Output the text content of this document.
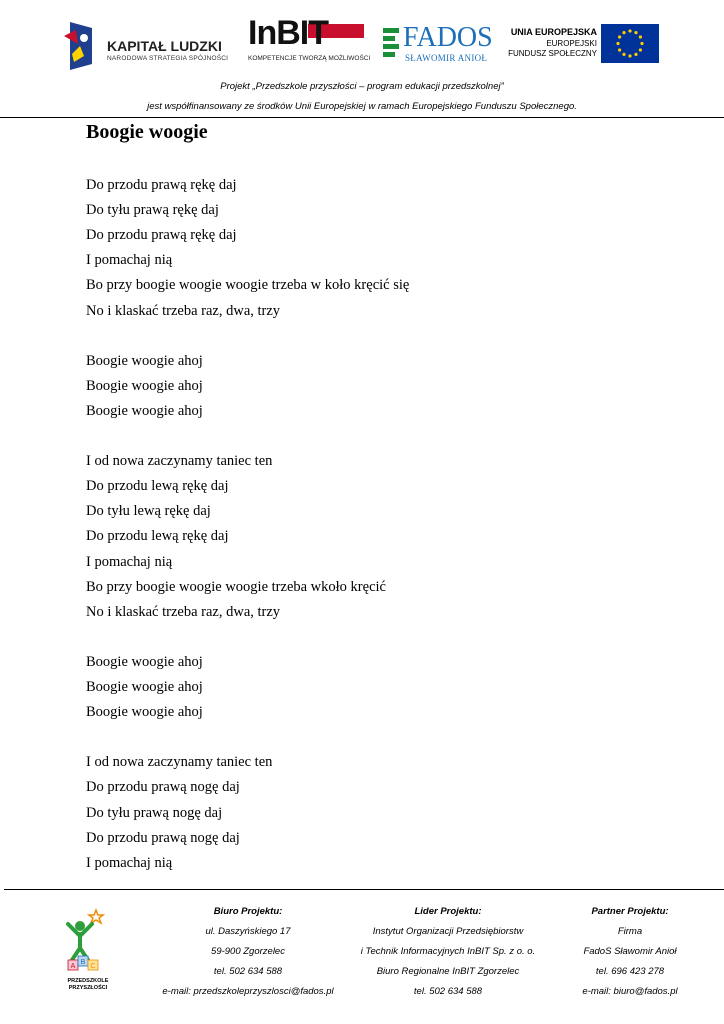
KAPITAŁ LUDZKI
NARODOWA STRATEGIA SPÓJNOŚCI
InBIT
KOMPETENCJE TWORZĄ MOŻLIWOŚCI
FADOS
SŁAWOMIR ANIOŁ
UNIA EUROPEJSKA
EUROPEJSKI
FUNDUSZ SPOŁECZNY
Projekt „Przedszkole przyszłości – program edukacji przedszkolnej”
jest współfinansowany ze środków Unii Europejskiej w ramach Europejskiego Funduszu Społecznego.
Boogie woogie
Do przodu prawą rękę daj
Do tyłu prawą rękę daj
Do przodu prawą rękę daj
I pomachaj nią
Bo przy boogie woogie woogie trzeba w koło kręcić się
No i klaskać trzeba raz, dwa, trzy
Boogie woogie ahoj
Boogie woogie ahoj
Boogie woogie ahoj
I od nowa zaczynamy taniec ten
Do przodu lewą rękę daj
Do tyłu lewą rękę daj
Do przodu lewą rękę daj
I pomachaj nią
Bo przy boogie woogie woogie trzeba wkoło kręcić
No i klaskać trzeba raz, dwa, trzy
Boogie woogie ahoj
Boogie woogie ahoj
Boogie woogie ahoj
I od nowa zaczynamy taniec ten
Do przodu prawą nogę daj
Do tyłu prawą nogę daj
Do przodu prawą nogę daj
I pomachaj nią
A
B
C
PRZEDSZKOLE
PRZYSZŁOŚCI
Biuro Projektu:
ul. Daszyńskiego 17
59-900 Zgorzelec
tel. 502 634 588
e-mail: przedszkoleprzyszlosci@fados.pl
Lider Projektu:
Instytut Organizacji Przedsiębiorstw
i Technik Informacyjnych InBIT Sp. z o. o.
Biuro Regionalne InBIT Zgorzelec
tel. 502 634 588
Partner Projektu:
Firma
FadoS Sławomir Anioł
tel. 696 423 278
e-mail: biuro@fados.pl
